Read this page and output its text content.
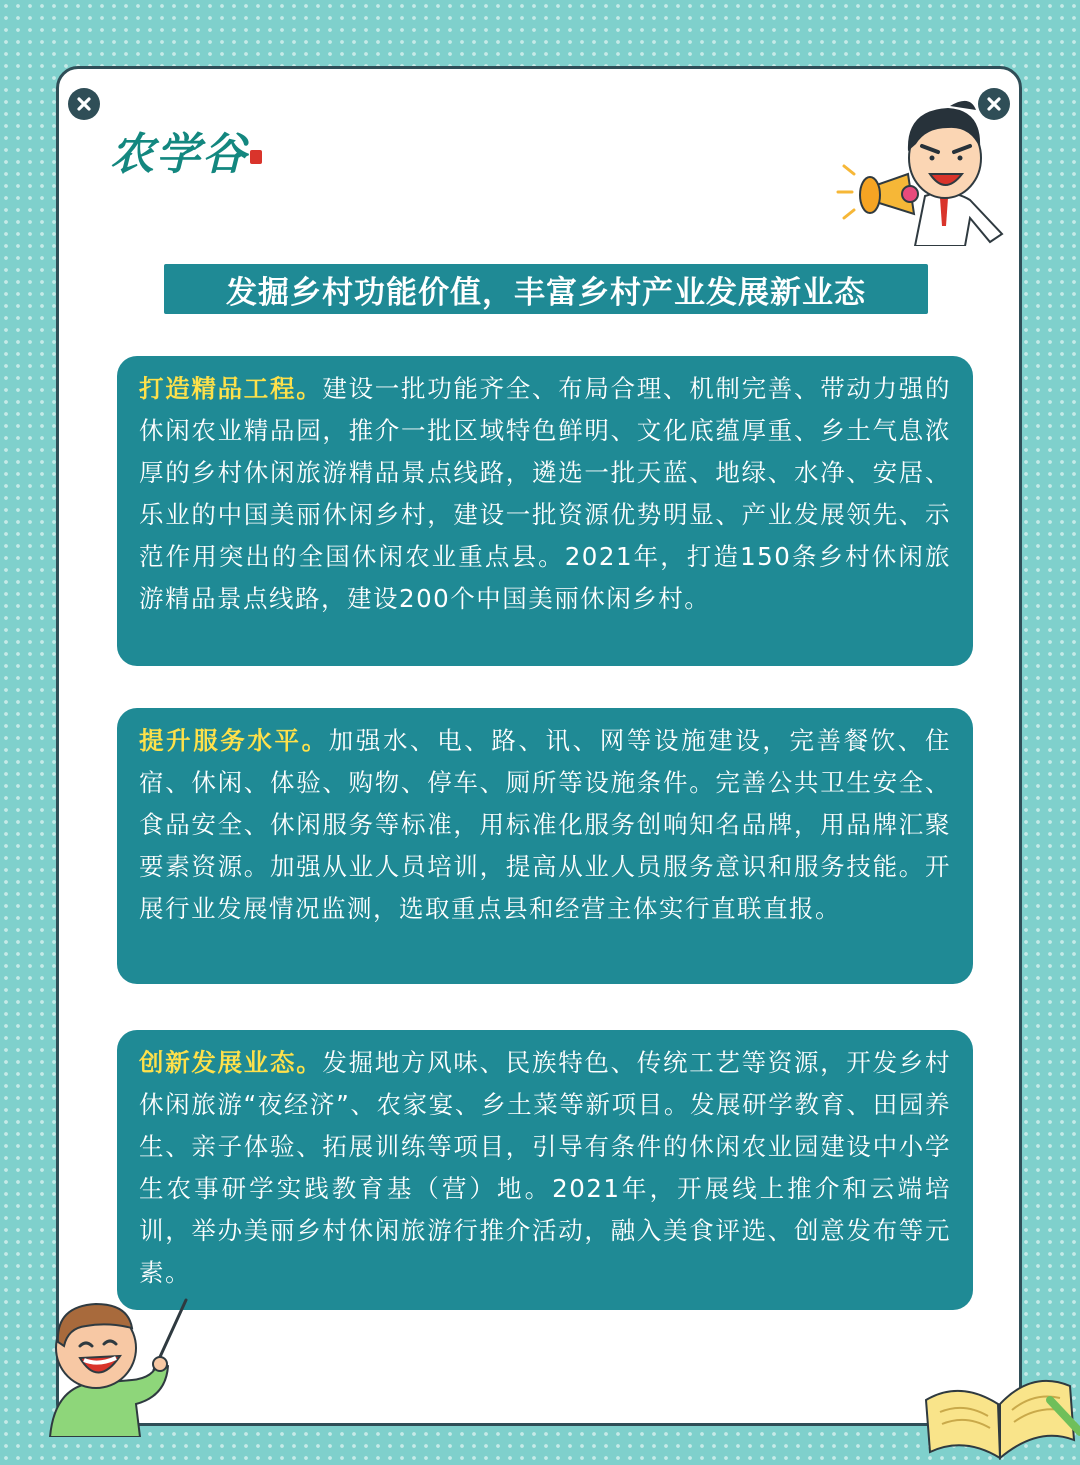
农学谷
发掘乡村功能价值，丰富乡村产业发展新业态
打造精品工程。建设一批功能齐全、布局合理、机制完善、带动力强的休闲农业精品园，推介一批区域特色鲜明、文化底蕴厚重、乡土气息浓厚的乡村休闲旅游精品景点线路，遴选一批天蓝、地绿、水净、安居、乐业的中国美丽休闲乡村，建设一批资源优势明显、产业发展领先、示范作用突出的全国休闲农业重点县。2021年，打造150条乡村休闲旅游精品景点线路，建设200个中国美丽休闲乡村。
提升服务水平。加强水、电、路、讯、网等设施建设，完善餐饮、住宿、休闲、体验、购物、停车、厕所等设施条件。完善公共卫生安全、食品安全、休闲服务等标准，用标准化服务创响知名品牌，用品牌汇聚要素资源。加强从业人员培训，提高从业人员服务意识和服务技能。开展行业发展情况监测，选取重点县和经营主体实行直联直报。
创新发展业态。发掘地方风味、民族特色、传统工艺等资源，开发乡村休闲旅游“夜经济”、农家宴、乡土菜等新项目。发展研学教育、田园养生、亲子体验、拓展训练等项目，引导有条件的休闲农业园建设中小学生农事研学实践教育基（营）地。2021年，开展线上推介和云端培训，举办美丽乡村休闲旅游行推介活动，融入美食评选、创意发布等元素。
